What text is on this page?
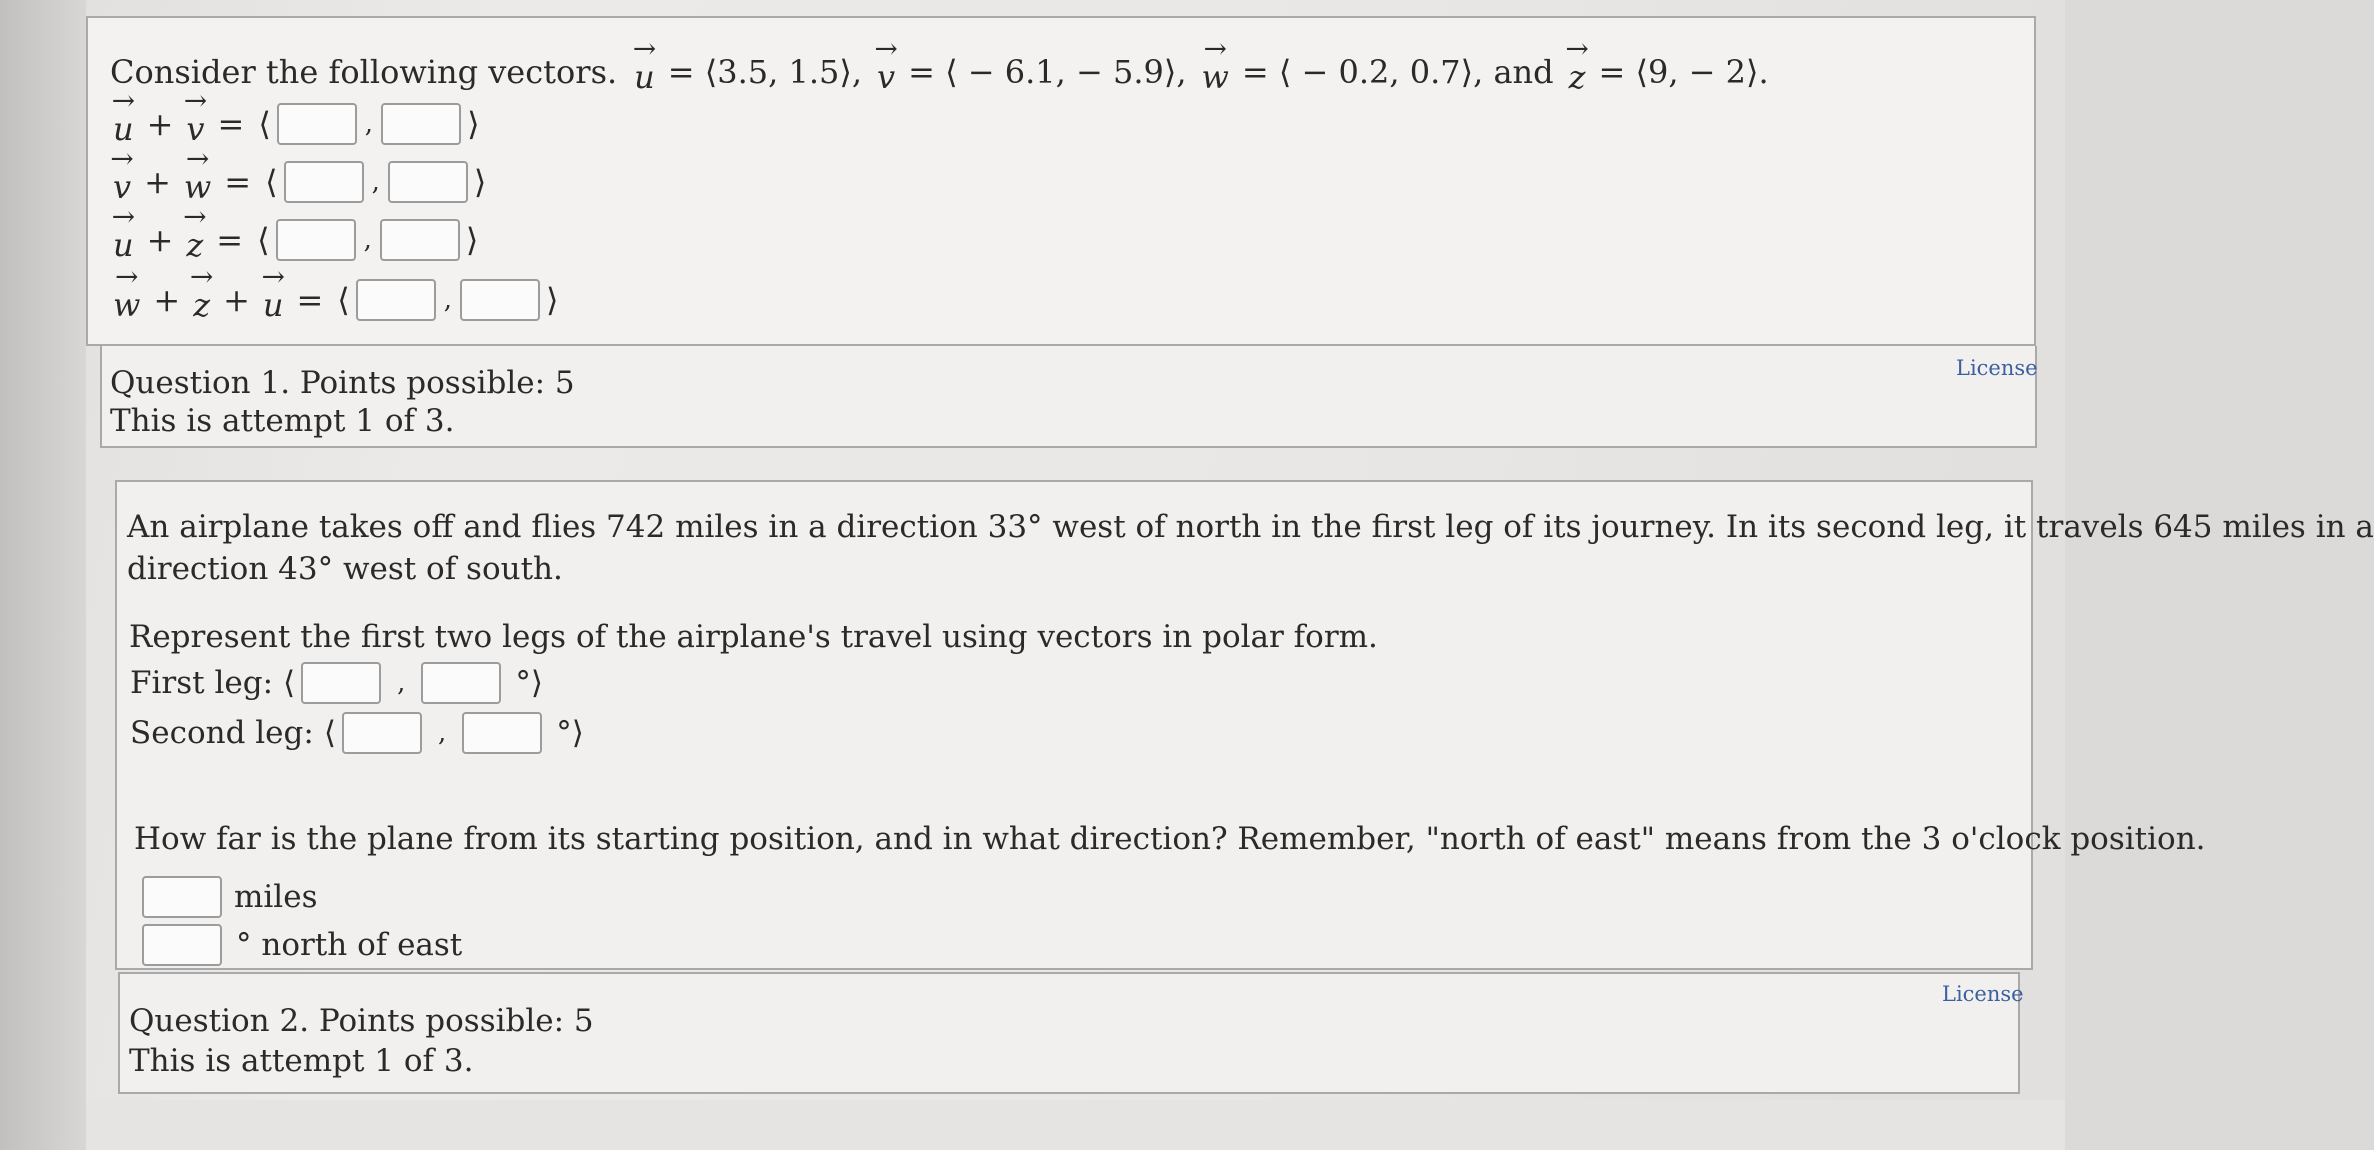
Consider the following vectors. → u = ⟨3.5, 1.5⟩, → v = ⟨ − 6.1, − 5.9⟩, → w = ⟨ − 0.2, 0.7⟩, and → z = ⟨9, − 2⟩.
→ u + → v = ⟨	,	⟩
→ v + → w = ⟨	,	⟩
→ u + → z = ⟨	,	⟩
→ w + → z + → u = ⟨	,	⟩
Question 1. Points possible: 5
This is attempt 1 of 3.
License
An airplane takes off and flies 742 miles in a direction 33° west of north in the first leg of its journey. In its second leg, it travels 645 miles in a
direction 43° west of south.
Represent the first two legs of the airplane's travel using vectors in polar form.
First leg: ⟨	,	°⟩
Second leg: ⟨	,	°⟩
How far is the plane from its starting position, and in what direction? Remember, "north of east" means from the 3 o'clock position.
miles
° north of east
Question 2. Points possible: 5
This is attempt 1 of 3.
License
